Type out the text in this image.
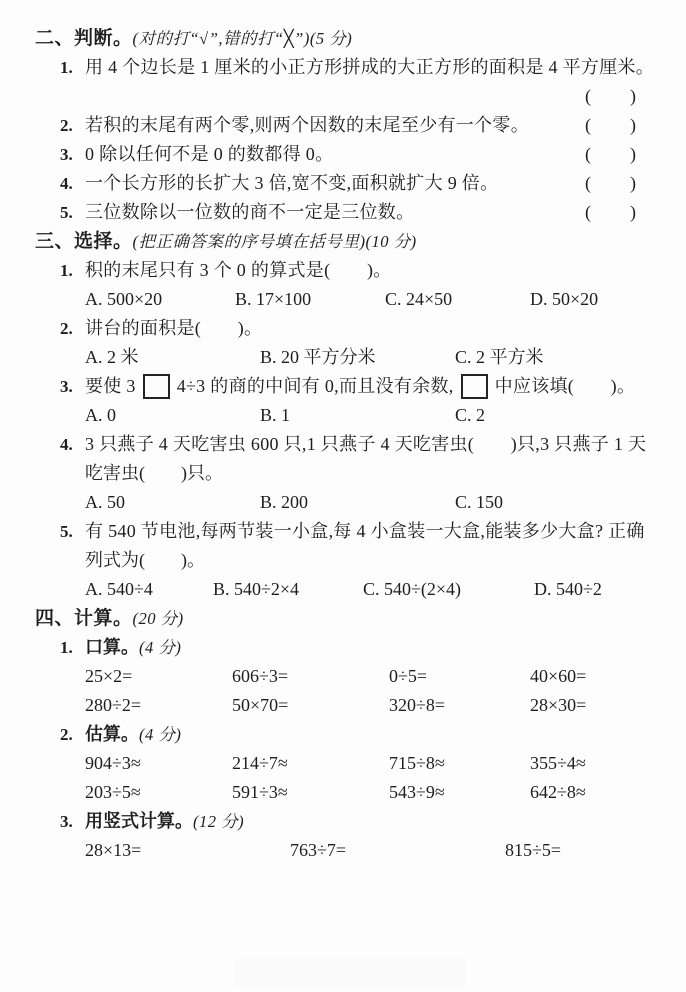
二、判断。(对的打“√”,错的打“╳”)(5 分)
1. 用 4 个边长是 1 厘米的小正方形拼成的大正方形的面积是 4 平方厘米。
(　　)
2. 若积的末尾有两个零,则两个因数的末尾至少有一个零。	(　　)
3. 0 除以任何不是 0 的数都得 0。	(　　)
4. 一个长方形的长扩大 3 倍,宽不变,面积就扩大 9 倍。	(　　)
5. 三位数除以一位数的商不一定是三位数。	(　　)
三、选择。(把正确答案的序号填在括号里)(10 分)
1. 积的末尾只有 3 个 0 的算式是(　　)。
A. 500×20	B. 17×100	C. 24×50	D. 50×20
2. 讲台的面积是(　　)。
A. 2 米	B. 20 平方分米	C. 2 平方米
3. 要使 3 4÷3 的商的中间有 0,而且没有余数, 中应该填(　　)。
A. 0	B. 1	C. 2
4. 3 只燕子 4 天吃害虫 600 只,1 只燕子 4 天吃害虫(　　)只,3 只燕子 1 天
吃害虫(　　)只。
A. 50	B. 200	C. 150
5. 有 540 节电池,每两节装一小盒,每 4 小盒装一大盒,能装多少大盒? 正确
列式为(　　)。
A. 540÷4	B. 540÷2×4	C. 540÷(2×4)	D. 540÷2
四、计算。(20 分)
1. 口算。 (4 分)
25×2=	606÷3=	0÷5=	40×60=
280÷2=	50×70=	320÷8=	28×30=
2. 估算。 (4 分)
904÷3≈	214÷7≈	715÷8≈	355÷4≈
203÷5≈	591÷3≈	543÷9≈	642÷8≈
3. 用竖式计算。 (12 分)
28×13=	763÷7=	815÷5=
